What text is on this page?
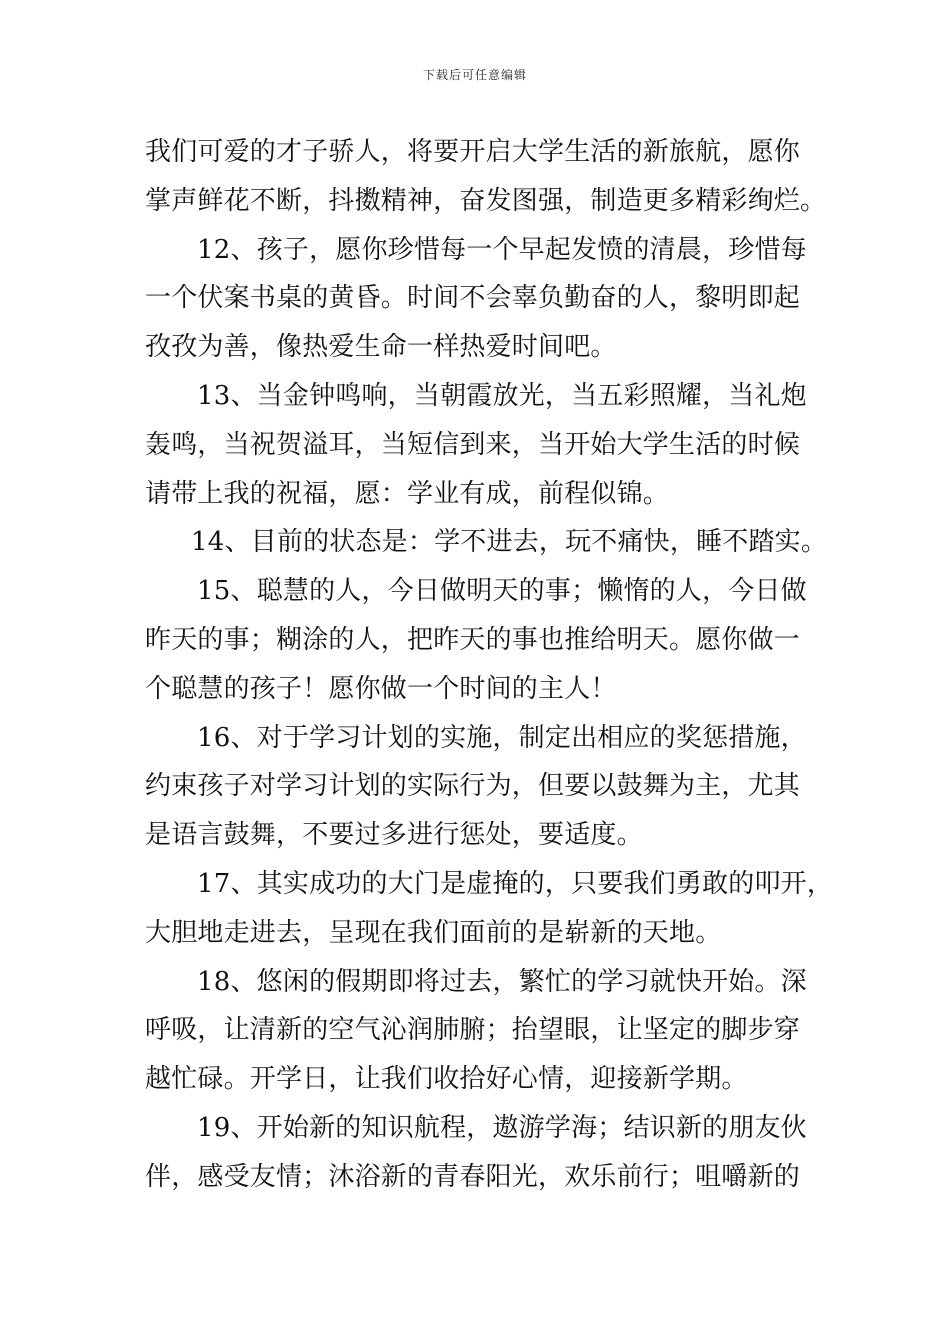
下载后可任意编辑
我们可爱的才子骄人，将要开启大学生活的新旅航，愿你
掌声鲜花不断，抖擞精神，奋发图强，制造更多精彩绚烂。
12、孩子，愿你珍惜每一个早起发愤的清晨，珍惜每
一个伏案书桌的黄昏。时间不会辜负勤奋的人，黎明即起
孜孜为善，像热爱生命一样热爱时间吧。
13、当金钟鸣响，当朝霞放光，当五彩照耀，当礼炮
轰鸣，当祝贺溢耳，当短信到来，当开始大学生活的时候
请带上我的祝福，愿：学业有成，前程似锦。
14、目前的状态是：学不进去，玩不痛快，睡不踏实。
15、聪慧的人，今日做明天的事；懒惰的人，今日做
昨天的事；糊涂的人，把昨天的事也推给明天。愿你做一
个聪慧的孩子！愿你做一个时间的主人！
16、对于学习计划的实施，制定出相应的奖惩措施，
约束孩子对学习计划的实际行为，但要以鼓舞为主，尤其
是语言鼓舞，不要过多进行惩处，要适度。
17、其实成功的大门是虚掩的，只要我们勇敢的叩开，
大胆地走进去，呈现在我们面前的是崭新的天地。
18、悠闲的假期即将过去，繁忙的学习就快开始。深
呼吸，让清新的空气沁润肺腑；抬望眼，让坚定的脚步穿
越忙碌。开学日，让我们收拾好心情，迎接新学期。
19、开始新的知识航程，遨游学海；结识新的朋友伙
伴，感受友情；沐浴新的青春阳光，欢乐前行；咀嚼新的
